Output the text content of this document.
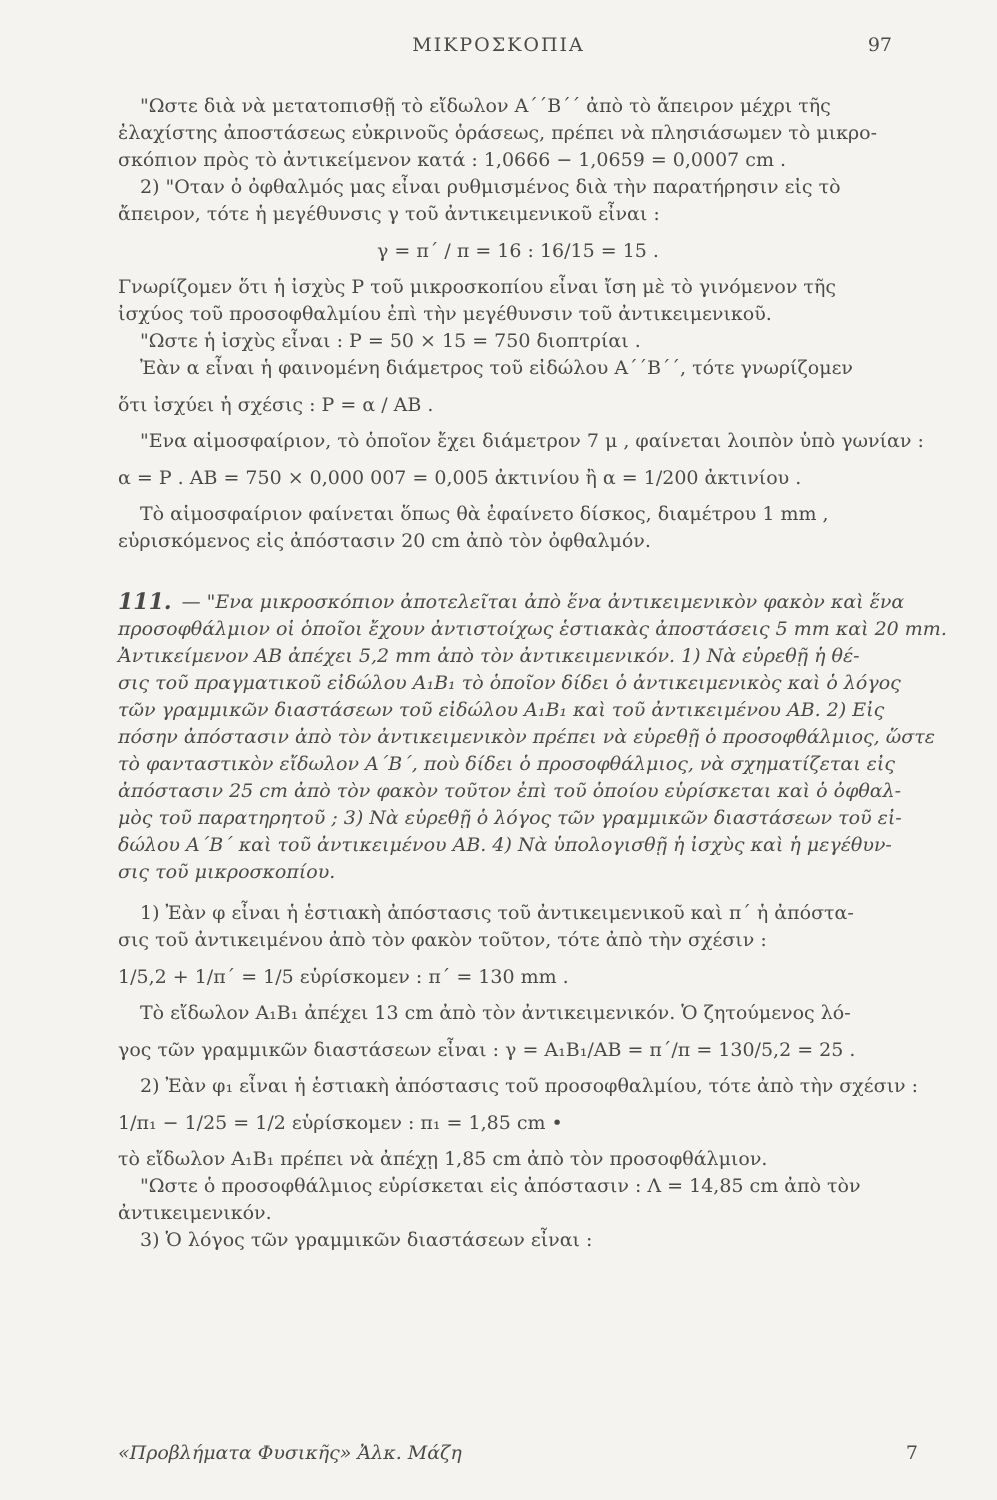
ΜΙΚΡΟΣΚΟΠΙΑ	97
"Ωστε διὰ νὰ μετατοπισθῇ τὸ εἴδωλον Α΄΄Β΄΄ ἀπὸ τὸ ἄπειρον μέχρι τῆς
ἐλαχίστης ἀποστάσεως εὐκρινοῦς ὁράσεως, πρέπει νὰ πλησιάσωμεν τὸ μικρο-
σκόπιον πρὸς τὸ ἀντικείμενον κατά : 1,0666 − 1,0659 = 0,0007 cm .
2) "Οταν ὁ ὀφθαλμός μας εἶναι ρυθμισμένος διὰ τὴν παρατήρησιν εἰς τὸ
ἄπειρον, τότε ἡ μεγέθυνσις γ τοῦ ἀντικειμενικοῦ εἶναι :
γ = π΄ / π = 16 : 16/15 = 15 .
Γνωρίζομεν ὅτι ἡ ἰσχὺς P τοῦ μικροσκοπίου εἶναι ἴση μὲ τὸ γινόμενον τῆς
ἰσχύος τοῦ προσοφθαλμίου ἐπὶ τὴν μεγέθυνσιν τοῦ ἀντικειμενικοῦ.
"Ωστε ἡ ἰσχὺς εἶναι : P = 50 × 15 = 750 διοπτρίαι .
Ἐὰν α εἶναι ἡ φαινομένη διάμετρος τοῦ εἰδώλου Α΄΄Β΄΄, τότε γνωρίζομεν
ὅτι ἰσχύει ἡ σχέσις : P = α / AB .
"Ενα αἱμοσφαίριον, τὸ ὁποῖον ἔχει διάμετρον 7 μ , φαίνεται λοιπὸν ὑπὸ γωνίαν :
α = P . AB = 750 × 0,000 007 = 0,005 ἀκτινίου ἢ α = 1/200 ἀκτινίου .
Τὸ αἱμοσφαίριον φαίνεται ὅπως θὰ ἐφαίνετο δίσκος, διαμέτρου 1 mm ,
εὑρισκόμενος εἰς ἀπόστασιν 20 cm ἀπὸ τὸν ὀφθαλμόν.
111. — "Ενα μικροσκόπιον ἀποτελεῖται ἀπὸ ἕνα ἀντικειμενικὸν φακὸν καὶ ἕνα
προσοφθάλμιον οἱ ὁποῖοι ἔχουν ἀντιστοίχως ἑστιακὰς ἀποστάσεις 5 mm καὶ 20 mm.
Ἀντικείμενον ΑΒ ἀπέχει 5,2 mm ἀπὸ τὸν ἀντικειμενικόν. 1) Νὰ εὑρεθῇ ἡ θέ-
σις τοῦ πραγματικοῦ εἰδώλου Α₁Β₁ τὸ ὁποῖον δίδει ὁ ἀντικειμενικὸς καὶ ὁ λόγος
τῶν γραμμικῶν διαστάσεων τοῦ εἰδώλου Α₁Β₁ καὶ τοῦ ἀντικειμένου ΑΒ. 2) Εἰς
πόσην ἀπόστασιν ἀπὸ τὸν ἀντικειμενικὸν πρέπει νὰ εὑρεθῇ ὁ προσοφθάλμιος, ὥστε
τὸ φανταστικὸν εἴδωλον Α΄Β΄, ποὺ δίδει ὁ προσοφθάλμιος, νὰ σχηματίζεται εἰς
ἀπόστασιν 25 cm ἀπὸ τὸν φακὸν τοῦτον ἐπὶ τοῦ ὁποίου εὑρίσκεται καὶ ὁ ὀφθαλ-
μὸς τοῦ παρατηρητοῦ ; 3) Νὰ εὑρεθῇ ὁ λόγος τῶν γραμμικῶν διαστάσεων τοῦ εἰ-
δώλου Α΄Β΄ καὶ τοῦ ἀντικειμένου ΑΒ. 4) Νὰ ὑπολογισθῇ ἡ ἰσχὺς καὶ ἡ μεγέθυν-
σις τοῦ μικροσκοπίου.
1) Ἐὰν φ εἶναι ἡ ἑστιακὴ ἀπόστασις τοῦ ἀντικειμενικοῦ καὶ π΄ ἡ ἀπόστα-
σις τοῦ ἀντικειμένου ἀπὸ τὸν φακὸν τοῦτον, τότε ἀπὸ τὴν σχέσιν :
1/5,2 + 1/π΄ = 1/5 εὑρίσκομεν : π΄ = 130 mm .
Τὸ εἴδωλον Α₁Β₁ ἀπέχει 13 cm ἀπὸ τὸν ἀντικειμενικόν. Ὁ ζητούμενος λό-
γος τῶν γραμμικῶν διαστάσεων εἶναι : γ = Α₁Β₁/AB = π΄/π = 130/5,2 = 25 .
2) Ἐὰν φ₁ εἶναι ἡ ἑστιακὴ ἀπόστασις τοῦ προσοφθαλμίου, τότε ἀπὸ τὴν σχέσιν :
1/π₁ − 1/25 = 1/2 εὑρίσκομεν : π₁ = 1,85 cm •
τὸ εἴδωλον Α₁Β₁ πρέπει νὰ ἀπέχῃ 1,85 cm ἀπὸ τὸν προσοφθάλμιον.
"Ωστε ὁ προσοφθάλμιος εὑρίσκεται εἰς ἀπόστασιν : Λ = 14,85 cm ἀπὸ τὸν
ἀντικειμενικόν.
3) Ὁ λόγος τῶν γραμμικῶν διαστάσεων εἶναι :
«Προβλήματα Φυσικῆς» Ἀλκ. Μάζη	7
